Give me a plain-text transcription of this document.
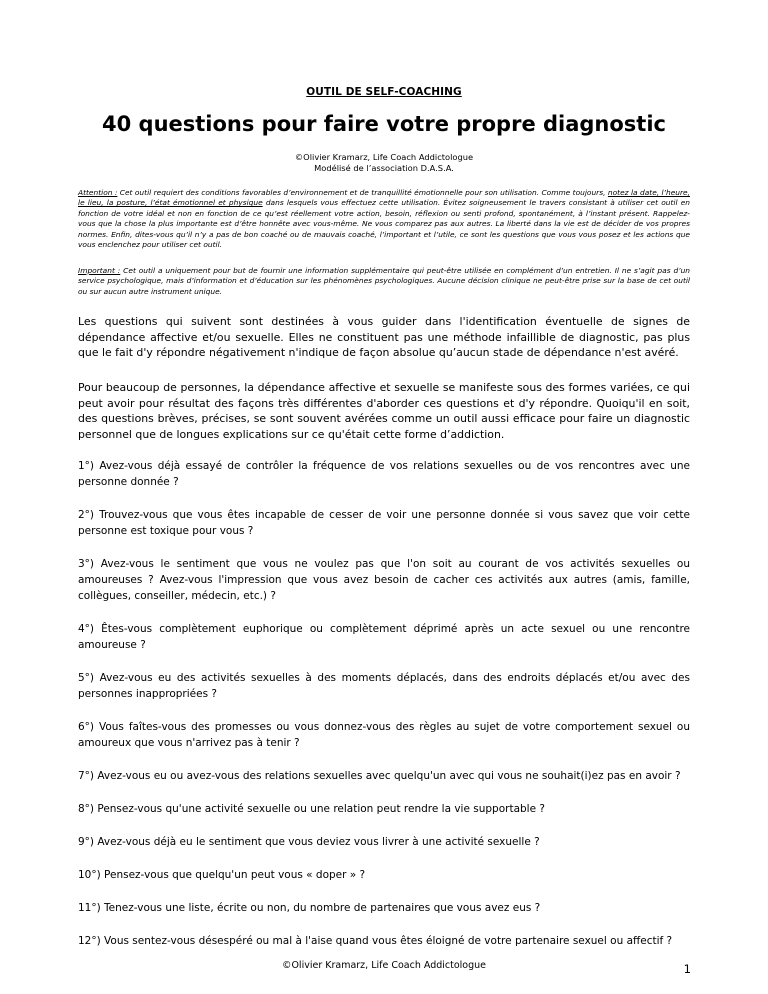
OUTIL DE SELF-COACHING
40 questions pour faire votre propre diagnostic
©Olivier Kramarz, Life Coach Addictologue
Modélisé de l’association D.A.S.A.
Attention : Cet outil requiert des conditions favorables d’environnement et de tranquillité émotionnelle pour son utilisation. Comme toujours, notez la date, l’heure, le lieu, la posture, l’état émotionnel et physique dans lesquels vous effectuez cette utilisation. Évitez soigneusement le travers consistant à utiliser cet outil en fonction de votre idéal et non en fonction de ce qu’est réellement votre action, besoin, réflexion ou senti profond, spontanément, à l’instant présent. Rappelez-vous que la chose la plus importante est d’être honnête avec vous-même. Ne vous comparez pas aux autres. La liberté dans la vie est de décider de vos propres normes. Enfin, dites-vous qu’il n’y a pas de bon coaché ou de mauvais coaché, l’important et l’utile, ce sont les questions que vous vous posez et les actions que vous enclenchez pour utiliser cet outil.
Important : Cet outil a uniquement pour but de fournir une information supplémentaire qui peut-être utilisée en complément d’un entretien. Il ne s’agit pas d’un service psychologique, mais d’information et d’éducation sur les phénomènes psychologiques. Aucune décision clinique ne peut-être prise sur la base de cet outil ou sur aucun autre instrument unique.
Les questions qui suivent sont destinées à vous guider dans l'identification éventuelle de signes de dépendance affective et/ou sexuelle. Elles ne constituent pas une méthode infaillible de diagnostic, pas plus que le fait d'y répondre négativement n'indique de façon absolue qu’aucun stade de dépendance n'est avéré.
Pour beaucoup de personnes, la dépendance affective et sexuelle se manifeste sous des formes variées, ce qui peut avoir pour résultat des façons très différentes d'aborder ces questions et d'y répondre. Quoiqu'il en soit, des questions brèves, précises, se sont souvent avérées comme un outil aussi efficace pour faire un diagnostic personnel que de longues explications sur ce qu'était cette forme d’addiction.
1°) Avez-vous déjà essayé de contrôler la fréquence de vos relations sexuelles ou de vos rencontres avec une personne donnée ?
2°) Trouvez-vous que vous êtes incapable de cesser de voir une personne donnée si vous savez que voir cette personne est toxique pour vous ?
3°) Avez-vous le sentiment que vous ne voulez pas que l'on soit au courant de vos activités sexuelles ou amoureuses ? Avez-vous l'impression que vous avez besoin de cacher ces activités aux autres (amis, famille, collègues, conseiller, médecin, etc.) ?
4°) Êtes-vous complètement euphorique ou complètement déprimé après un acte sexuel ou une rencontre amoureuse ?
5°) Avez-vous eu des activités sexuelles à des moments déplacés, dans des endroits déplacés et/ou avec des personnes inappropriées ?
6°) Vous faîtes-vous des promesses ou vous donnez-vous des règles au sujet de votre comportement sexuel ou amoureux que vous n'arrivez pas à tenir ?
7°) Avez-vous eu ou avez-vous des relations sexuelles avec quelqu'un avec qui vous ne souhait(i)ez pas en avoir ?
8°) Pensez-vous qu'une activité sexuelle ou une relation peut rendre la vie supportable ?
9°) Avez-vous déjà eu le sentiment que vous deviez vous livrer à une activité sexuelle ?
10°) Pensez-vous que quelqu'un peut vous « doper » ?
11°) Tenez-vous une liste, écrite ou non, du nombre de partenaires que vous avez eus ?
12°) Vous sentez-vous désespéré ou mal à l'aise quand vous êtes éloigné de votre partenaire sexuel ou affectif ?
©Olivier Kramarz, Life Coach Addictologue	1
